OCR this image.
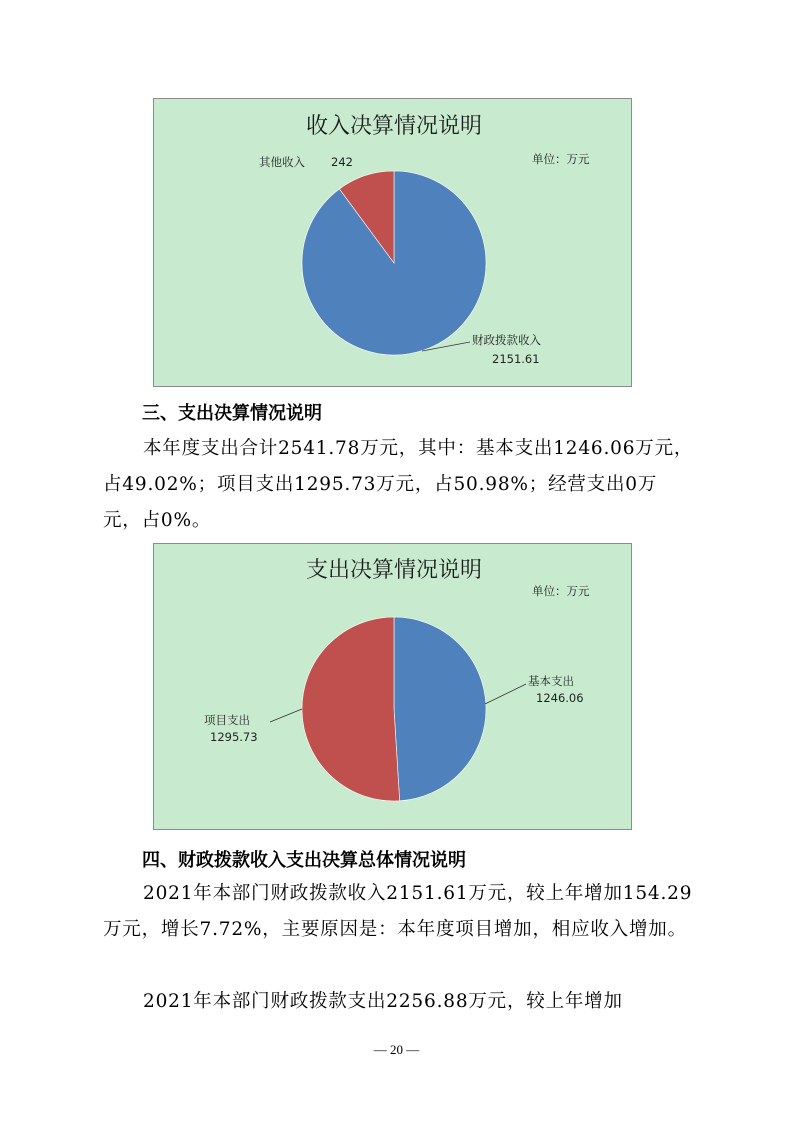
收入决算情况说明
单位：万元
财政拨款收入
2151.61
其他收入 242
三、支出决算情况说明

本年度支出合计2541.78万元，其中：基本支出1246.06万元，占49.02%；项目支出1295.73万元，占50.98%；经营支出0万元，占0%。

支出决算情况说明
单位：万元
基本支出
1246.06
项目支出
1295.73
四、财政拨款收入支出决算总体情况说明

2021年本部门财政拨款收入2151.61万元，较上年增加154.29万元，增长7.72%，主要原因是：本年度项目增加，相应收入增加。

2021年本部门财政拨款支出2256.88万元，较上年增加

— 20 —
